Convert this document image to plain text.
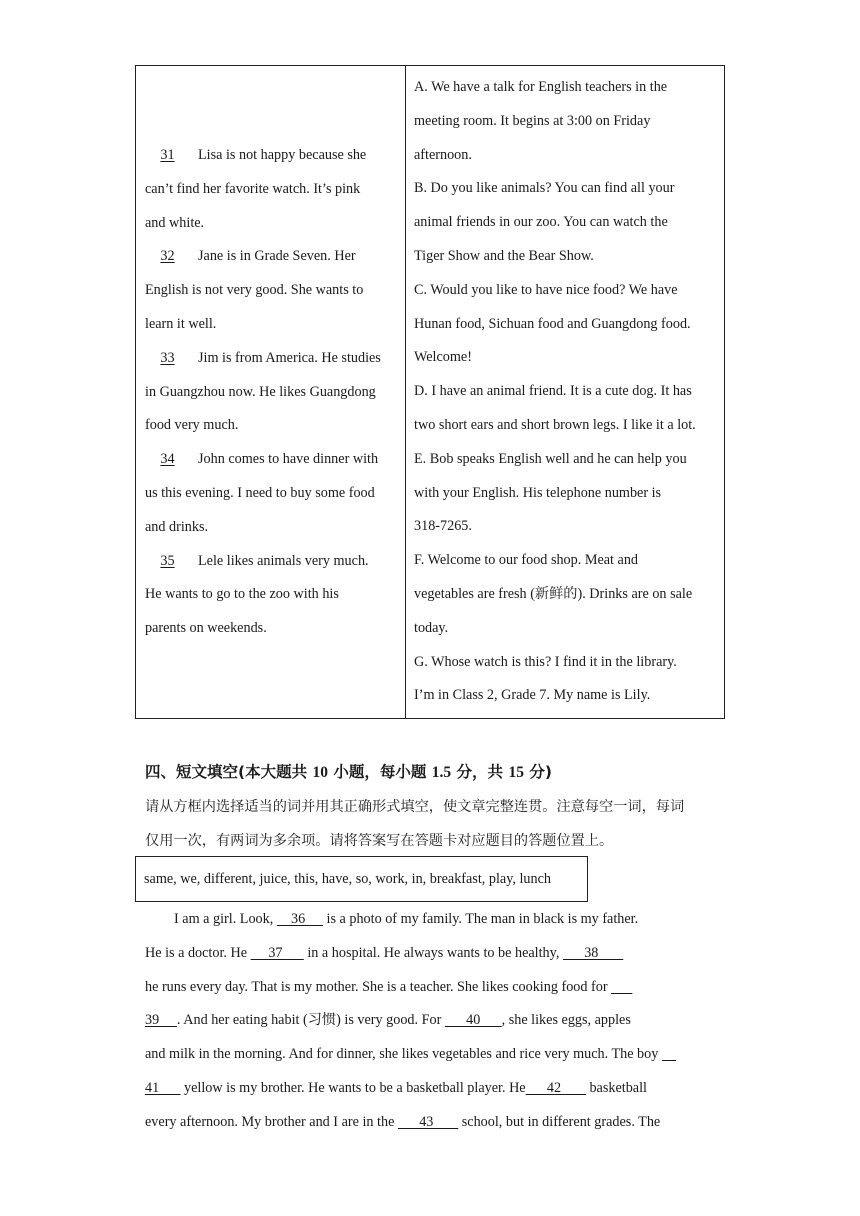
31 Lisa is not happy because she
can’t find her favorite watch. It’s pink
and white.
32 Jane is in Grade Seven. Her
English is not very good. She wants to
learn it well.
33 Jim is from America. He studies
in Guangzhou now. He likes Guangdong
food very much.
34 John comes to have dinner with
us this evening. I need to buy some food
and drinks.
35 Lele likes animals very much.
He wants to go to the zoo with his
parents on weekends.
A. We have a talk for English teachers in the
meeting room. It begins at 3:00 on Friday
afternoon.
B. Do you like animals? You can find all your
animal friends in our zoo. You can watch the
Tiger Show and the Bear Show.
C. Would you like to have nice food? We have
Hunan food, Sichuan food and Guangdong food.
Welcome!
D. I have an animal friend. It is a cute dog. It has
two short ears and short brown legs. I like it a lot.
E. Bob speaks English well and he can help you
with your English. His telephone number is
318-7265.
F. Welcome to our food shop. Meat and
vegetables are fresh (新鲜的). Drinks are on sale
today.
G. Whose watch is this? I find it in the library.
I’m in Class 2, Grade 7. My name is Lily.
四、短文填空(本大题共 10 小题，每小题 1.5 分，共 15 分)
请从方框内选择适当的词并用其正确形式填空，使文章完整连贯。注意每空一词，每词
仅用一次，有两词为多余项。请将答案写在答题卡对应题目的答题位置上。
same, we, different, juice, this, have, so, work, in, breakfast, play, lunch
I am a girl. Look,     36      is a photo of my family. The man in black is my father.
He is a doctor. He      37       in a hospital. He always wants to be healthy,       38
he runs every day. That is my mother. She is a teacher. She likes cooking food for
39     . And her eating habit (习惯) is very good. For       40      , she likes eggs, apples
and milk in the morning. And for dinner, she likes vegetables and rice very much. The boy
41       yellow is my brother. He wants to be a basketball player. He      42        basketball
every afternoon. My brother and I are in the       43        school, but in different grades. The
